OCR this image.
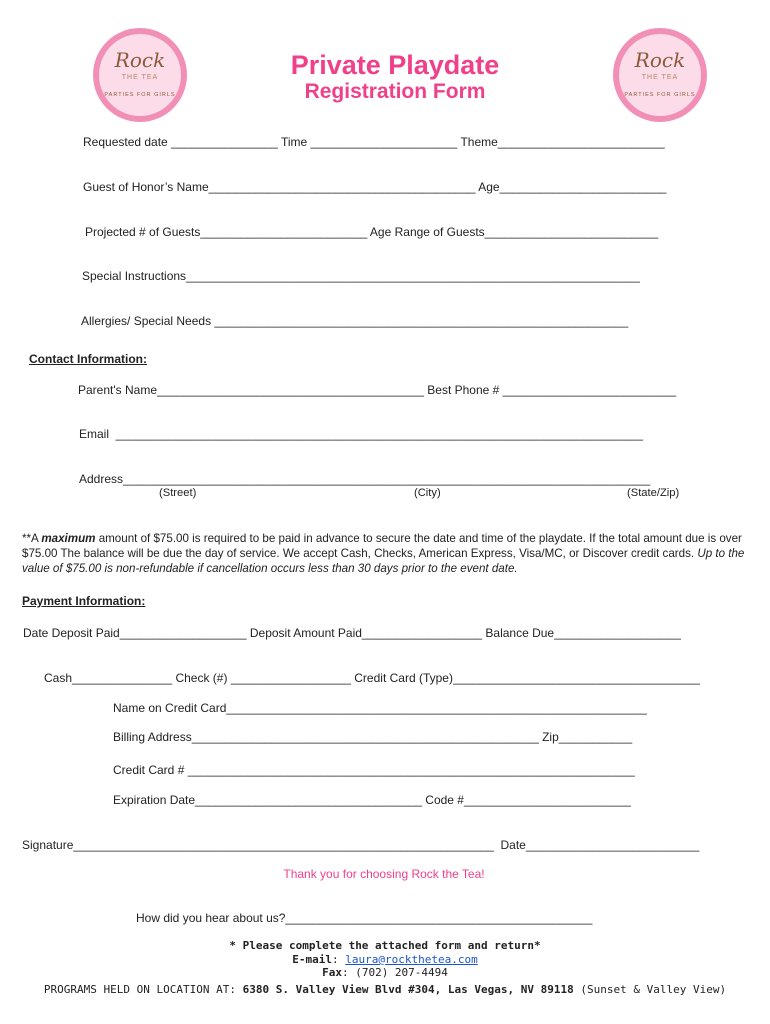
Rock
THE TEA
PARTIES FOR GIRLS
Rock
THE TEA
PARTIES FOR GIRLS
Private Playdate
Registration Form
Requested date ________________ Time ______________________ Theme_________________________
Guest of Honor’s Name________________________________________ Age_________________________
Projected # of Guests_________________________ Age Range of Guests__________________________
Special Instructions____________________________________________________________________
Allergies/ Special Needs ______________________________________________________________
Contact Information:
Parent's Name________________________________________ Best Phone # __________________________
Email  _______________________________________________________________________________
Address_______________________________________________________________________________
(Street)	(City)	(State/Zip)
**A maximum amount of $75.00 is required to be paid in advance to secure the date and time of the playdate. If the total amount due is over $75.00 The balance will be due the day of service. We accept Cash, Checks, American Express, Visa/MC, or Discover credit cards. Up to the value of $75.00 is non-refundable if cancellation occurs less than 30 days prior to the event date.
Payment Information:
Date Deposit Paid___________________ Deposit Amount Paid__________________ Balance Due___________________
Cash_______________ Check (#) __________________ Credit Card (Type)_____________________________________
Name on Credit Card_______________________________________________________________
Billing Address____________________________________________________ Zip___________
Credit Card # ___________________________________________________________________
Expiration Date__________________________________ Code #_________________________
Signature_______________________________________________________________  Date__________________________
Thank you for choosing Rock the Tea!
How did you hear about us?______________________________________________
* Please complete the attached form and return*
E-mail: laura@rockthetea.com
Fax: (702) 207-4494
PROGRAMS HELD ON LOCATION AT: 6380 S. Valley View Blvd #304, Las Vegas, NV 89118 (Sunset & Valley View)
